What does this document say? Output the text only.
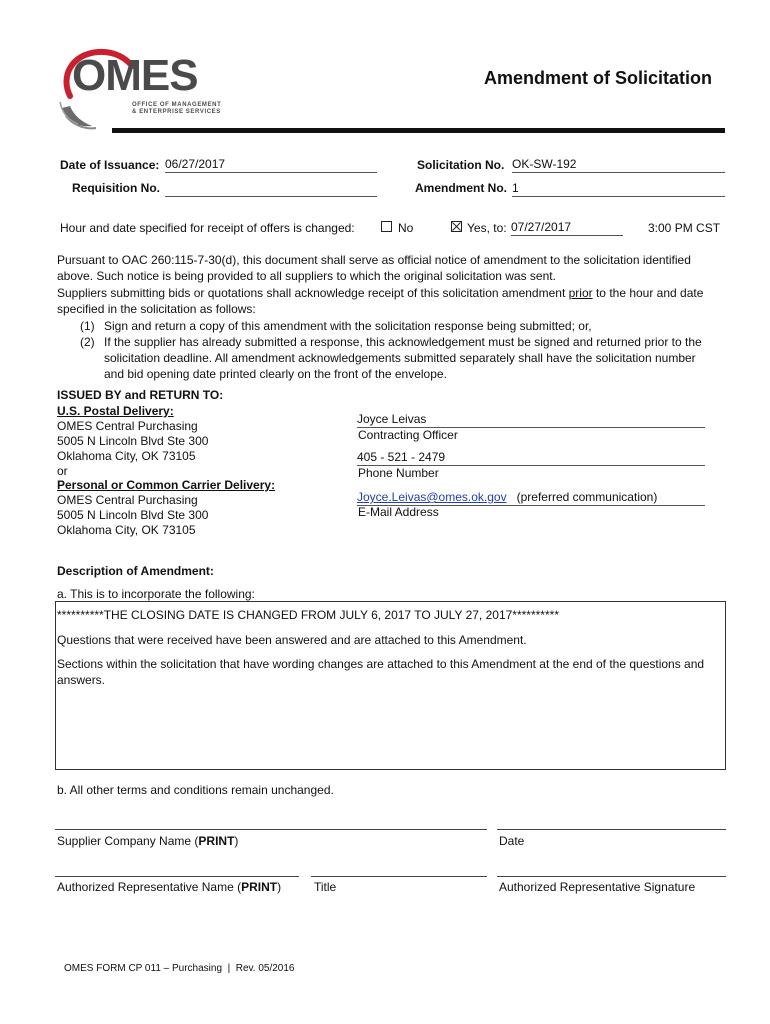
OMES
OFFICE OF MANAGEMENT
& ENTERPRISE SERVICES
Amendment of Solicitation
Date of Issuance: 06/27/2017	Solicitation No. OK-SW-192
Requisition No.	Amendment No. 1
Hour and date specified for receipt of offers is changed:	No	Yes, to: 07/27/2017	3:00 PM CST

Pursuant to OAC 260:115-7-30(d), this document shall serve as official notice of amendment to the solicitation identified above. Such notice is being provided to all suppliers to which the original solicitation was sent.

Suppliers submitting bids or quotations shall acknowledge receipt of this solicitation amendment prior to the hour and date specified in the solicitation as follows:

(1) Sign and return a copy of this amendment with the solicitation response being submitted; or,
(2) If the supplier has already submitted a response, this acknowledgement must be signed and returned prior to the solicitation deadline. All amendment acknowledgements submitted separately shall have the solicitation number and bid opening date printed clearly on the front of the envelope.
ISSUED BY and RETURN TO:
U.S. Postal Delivery:
OMES Central Purchasing
5005 N Lincoln Blvd Ste 300
Oklahoma City, OK 73105
or
Personal or Common Carrier Delivery:
OMES Central Purchasing
5005 N Lincoln Blvd Ste 300
Oklahoma City, OK 73105
Joyce Leivas
Contracting Officer
405 - 521 - 2479
Phone Number
Joyce.Leivas@omes.ok.gov (preferred communication)
E-Mail Address
Description of Amendment:
a. This is to incorporate the following:
**********THE CLOSING DATE IS CHANGED FROM JULY 6, 2017 TO JULY 27, 2017**********
Questions that were received have been answered and are attached to this Amendment.
Sections within the solicitation that have wording changes are attached to this Amendment at the end of the questions and answers.
b. All other terms and conditions remain unchanged.
Supplier Company Name (PRINT)	Date
Authorized Representative Name (PRINT)	Title	Authorized Representative Signature
OMES FORM CP 011 – Purchasing  |  Rev. 05/2016
